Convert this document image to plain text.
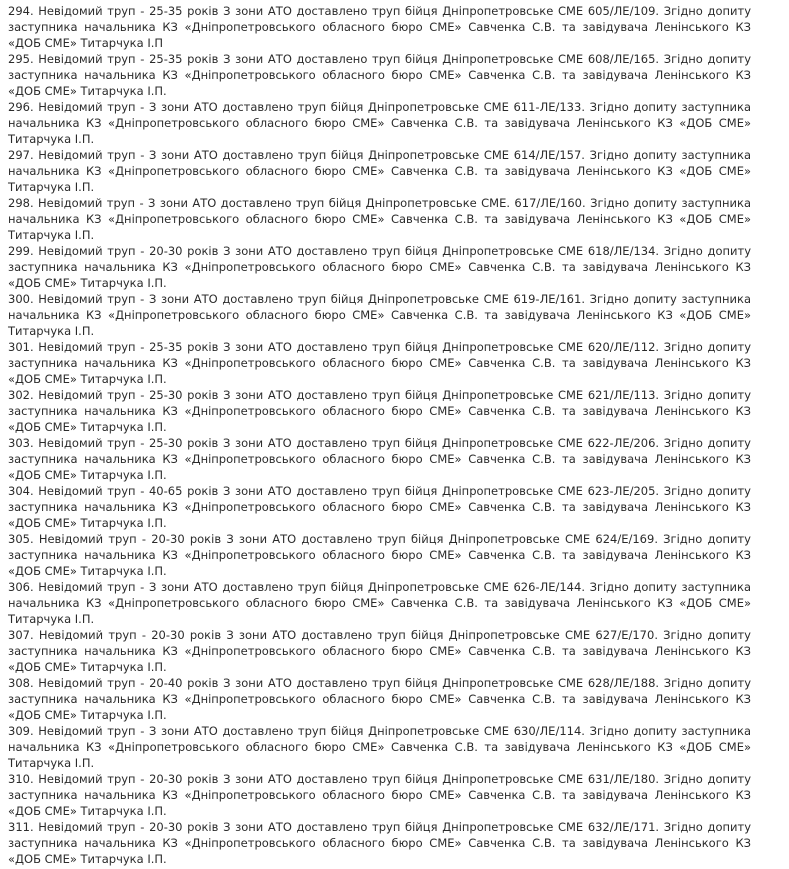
294. Невідомий труп - 25-35 років З зони АТО доставлено труп бійця Дніпропетровське СМЕ 605/ЛЕ/109. Згідно допиту заступника начальника КЗ «Дніпропетровського обласного бюро СМЕ» Савченка С.В. та завідувача Ленінського КЗ «ДОБ СМЕ» Титарчука І.П

295. Невідомий труп - 25-35 років З зони АТО доставлено труп бійця Дніпропетровське СМЕ 608/ЛЕ/165. Згідно допиту заступника начальника КЗ «Дніпропетровського обласного бюро СМЕ» Савченка С.В. та завідувача Ленінського КЗ «ДОБ СМЕ» Титарчука І.П.

296. Невідомий труп - З зони АТО доставлено труп бійця Дніпропетровське СМЕ 611-ЛЕ/133. Згідно допиту заступника начальника КЗ «Дніпропетровського обласного бюро СМЕ» Савченка С.В. та завідувача Ленінського КЗ «ДОБ СМЕ» Титарчука І.П.

297. Невідомий труп - З зони АТО доставлено труп бійця Дніпропетровське СМЕ 614/ЛЕ/157. Згідно допиту заступника начальника КЗ «Дніпропетровського обласного бюро СМЕ» Савченка С.В. та завідувача Ленінського КЗ «ДОБ СМЕ» Титарчука І.П.

298. Невідомий труп - З зони АТО доставлено труп бійця Дніпропетровське СМЕ. 617/ЛЕ/160. Згідно допиту заступника начальника КЗ «Дніпропетровського обласного бюро СМЕ» Савченка С.В. та завідувача Ленінського КЗ «ДОБ СМЕ» Титарчука І.П.

299. Невідомий труп - 20-30 років З зони АТО доставлено труп бійця Дніпропетровське СМЕ 618/ЛЕ/134. Згідно допиту заступника начальника КЗ «Дніпропетровського обласного бюро СМЕ» Савченка С.В. та завідувача Ленінського КЗ «ДОБ СМЕ» Титарчука І.П.

300. Невідомий труп - З зони АТО доставлено труп бійця Дніпропетровське СМЕ 619-ЛЕ/161. Згідно допиту заступника начальника КЗ «Дніпропетровського обласного бюро СМЕ» Савченка С.В. та завідувача Ленінського КЗ «ДОБ СМЕ» Титарчука І.П.

301. Невідомий труп - 25-35 років З зони АТО доставлено труп бійця Дніпропетровське СМЕ 620/ЛЕ/112. Згідно допиту заступника начальника КЗ «Дніпропетровського обласного бюро СМЕ» Савченка С.В. та завідувача Ленінського КЗ «ДОБ СМЕ» Титарчука І.П.

302. Невідомий труп - 25-30 років З зони АТО доставлено труп бійця Дніпропетровське СМЕ 621/ЛЕ/113. Згідно допиту заступника начальника КЗ «Дніпропетровського обласного бюро СМЕ» Савченка С.В. та завідувача Ленінського КЗ «ДОБ СМЕ» Титарчука І.П.

303. Невідомий труп - 25-30 років З зони АТО доставлено труп бійця Дніпропетровське СМЕ 622-ЛЕ/206. Згідно допиту заступника начальника КЗ «Дніпропетровського обласного бюро СМЕ» Савченка С.В. та завідувача Ленінського КЗ «ДОБ СМЕ» Титарчука І.П.

304. Невідомий труп - 40-65 років З зони АТО доставлено труп бійця Дніпропетровське СМЕ 623-ЛЕ/205. Згідно допиту заступника начальника КЗ «Дніпропетровського обласного бюро СМЕ» Савченка С.В. та завідувача Ленінського КЗ «ДОБ СМЕ» Титарчука І.П.

305. Невідомий труп - 20-30 років З зони АТО доставлено труп бійця Дніпропетровське СМЕ 624/Е/169. Згідно допиту заступника начальника КЗ «Дніпропетровського обласного бюро СМЕ» Савченка С.В. та завідувача Ленінського КЗ «ДОБ СМЕ» Титарчука І.П.

306. Невідомий труп - З зони АТО доставлено труп бійця Дніпропетровське СМЕ 626-ЛЕ/144. Згідно допиту заступника начальника КЗ «Дніпропетровського обласного бюро СМЕ» Савченка С.В. та завідувача Ленінського КЗ «ДОБ СМЕ» Титарчука І.П.

307. Невідомий труп - 20-30 років З зони АТО доставлено труп бійця Дніпропетровське СМЕ 627/Е/170. Згідно допиту заступника начальника КЗ «Дніпропетровського обласного бюро СМЕ» Савченка С.В. та завідувача Ленінського КЗ «ДОБ СМЕ» Титарчука І.П.

308. Невідомий труп - 20-40 років З зони АТО доставлено труп бійця Дніпропетровське СМЕ 628/ЛЕ/188. Згідно допиту заступника начальника КЗ «Дніпропетровського обласного бюро СМЕ» Савченка С.В. та завідувача Ленінського КЗ «ДОБ СМЕ» Титарчука І.П.

309. Невідомий труп - З зони АТО доставлено труп бійця Дніпропетровське СМЕ 630/ЛЕ/114. Згідно допиту заступника начальника КЗ «Дніпропетровського обласного бюро СМЕ» Савченка С.В. та завідувача Ленінського КЗ «ДОБ СМЕ» Титарчука І.П.

310. Невідомий труп - 20-30 років З зони АТО доставлено труп бійця Дніпропетровське СМЕ 631/ЛЕ/180. Згідно допиту заступника начальника КЗ «Дніпропетровського обласного бюро СМЕ» Савченка С.В. та завідувача Ленінського КЗ «ДОБ СМЕ» Титарчука І.П.

311. Невідомий труп - 20-30 років З зони АТО доставлено труп бійця Дніпропетровське СМЕ 632/ЛЕ/171. Згідно допиту заступника начальника КЗ «Дніпропетровського обласного бюро СМЕ» Савченка С.В. та завідувача Ленінського КЗ «ДОБ СМЕ» Титарчука І.П.
